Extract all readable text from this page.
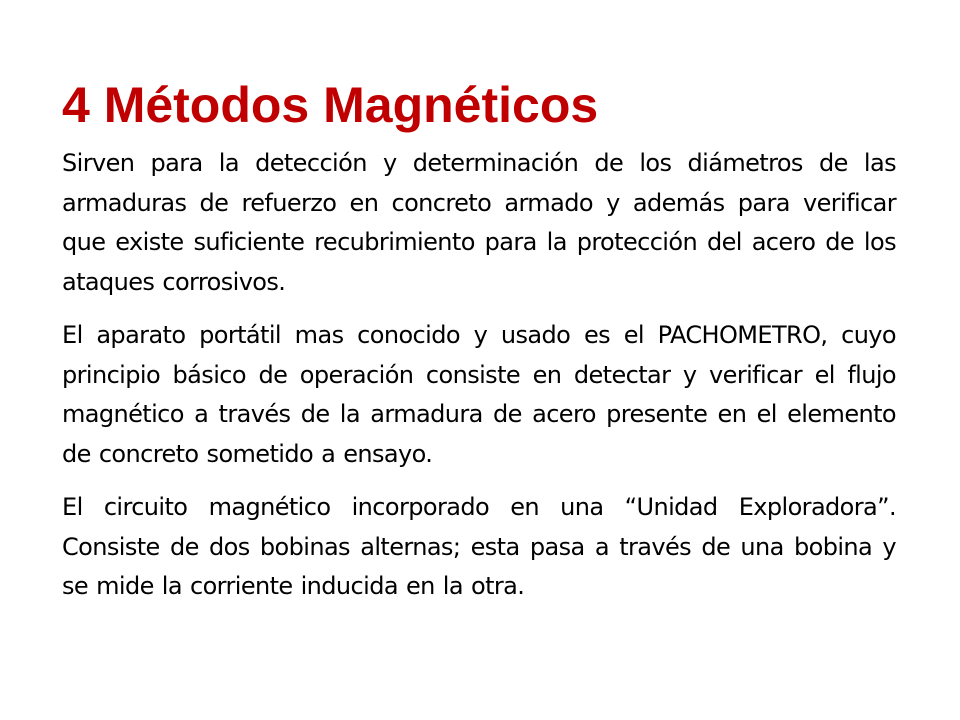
4 Métodos Magnéticos

Sirven para la detección y determinación de los diámetros de las armaduras de refuerzo en concreto armado y además para verificar que existe suficiente recubrimiento para la protección del acero de los ataques corrosivos.

El aparato portátil mas conocido y usado es el PACHOMETRO, cuyo principio básico de operación consiste en detectar y verificar el flujo magnético a través de la armadura de acero presente en el elemento de concreto sometido a ensayo.

El circuito magnético incorporado en una “Unidad Exploradora”. Consiste de dos bobinas alternas; esta pasa a través de una bobina y se mide la corriente inducida en la otra.
